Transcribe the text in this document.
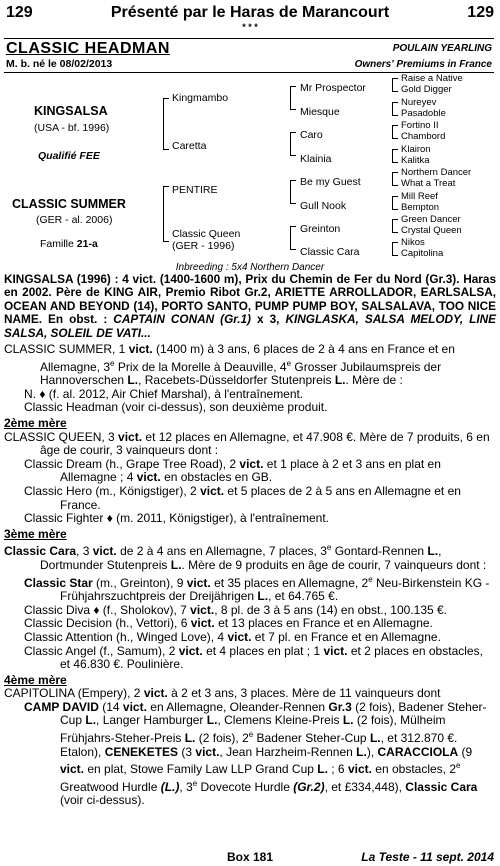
129	Présenté par le Haras de Marancourt	129
* * *
CLASSIC HEADMAN	POULAIN YEARLING
M. b. né le 08/02/2013	Owners' Premiums in France
KINGSALSA
(USA - bf. 1996)
Qualifié FEE
CLASSIC SUMMER
(GER - al. 2006)
Famille 21-a
Kingmambo
Caretta
PENTIRE
Classic Queen
(GER - 1996)
Mr Prospector
Miesque
Caro
Klainia
Be my Guest
Gull Nook
Greinton
Classic Cara
Raise a Native
Gold Digger
Nureyev
Pasadoble
Fortino II
Chambord
Klairon
Kalitka
Northern Dancer
What a Treat
Mill Reef
Bempton
Green Dancer
Crystal Queen
Nikos
Capitolina
Inbreeding : 5x4 Northern Dancer

KINGSALSA (1996) : 4 vict. (1400-1600 m), Prix du Chemin de Fer du Nord (Gr.3). Haras en 2002. Père de KING AIR, Premio Ribot Gr.2, ARIETTE ARROLLADOR, EARLSALSA, OCEAN AND BEYOND (14), PORTO SANTO, PUMP PUMP BOY, SALSALAVA, TOO NICE NAME. En obst. : CAPTAIN CONAN (Gr.1) x 3, KINGLASKA, SALSA MELODY, LINE SALSA, SOLEIL DE VATI...

CLASSIC SUMMER, 1 vict. (1400 m) à 3 ans, 6 places de 2 à 4 ans en France et en Allemagne, 3e Prix de la Morelle à Deauville, 4e Grosser Jubilaumspreis der Hannoverschen L., Racebets-Düsseldorfer Stutenpreis L.. Mère de :

N. ♦ (f. al. 2012, Air Chief Marshal), à l'entraînement.

Classic Headman (voir ci-dessus), son deuxième produit.

2ème mère

CLASSIC QUEEN, 3 vict. et 12 places en Allemagne, et 47.908 €. Mère de 7 produits, 6 en âge de courir, 3 vainqueurs dont :

Classic Dream (h., Grape Tree Road), 2 vict. et 1 place à 2 et 3 ans en plat en Allemagne ; 4 vict. en obstacles en GB.

Classic Hero (m., Königstiger), 2 vict. et 5 places de 2 à 5 ans en Allemagne et en France.

Classic Fighter ♦ (m. 2011, Königstiger), à l'entraînement.

3ème mère

Classic Cara, 3 vict. de 2 à 4 ans en Allemagne, 7 places, 3e Gontard-Rennen L., Dortmunder Stutenpreis L.. Mère de 9 produits en âge de courir, 7 vainqueurs dont :

Classic Star (m., Greinton), 9 vict. et 35 places en Allemagne, 2e Neu-Birkenstein KG - Frühjahrszuchtpreis der Dreijährigen L., et 64.765 €.

Classic Diva ♦ (f., Sholokov), 7 vict., 8 pl. de 3 à 5 ans (14) en obst., 100.135 €.

Classic Decision (h., Vettori), 6 vict. et 13 places en France et en Allemagne.

Classic Attention (h., Winged Love), 4 vict. et 7 pl. en France et en Allemagne.

Classic Angel (f., Samum), 2 vict. et 4 places en plat ; 1 vict. et 2 places en obstacles, et 46.830 €. Poulinière.

4ème mère

CAPITOLINA (Empery), 2 vict. à 2 et 3 ans, 3 places. Mère de 11 vainqueurs dont

CAMP DAVID (14 vict. en Allemagne, Oleander-Rennen Gr.3 (2 fois), Badener Steher-Cup L., Langer Hamburger L., Clemens Kleine-Preis L. (2 fois), Mülheim Frühjahrs-Steher-Preis L. (2 fois), 2e Badener Steher-Cup L., et 312.870 €. Etalon), CENEKETES (3 vict., Jean Harzheim-Rennen L.), CARACCIOLA (9 vict. en plat, Stowe Family Law LLP Grand Cup L. ; 6 vict. en obstacles, 2e Greatwood Hurdle (L.), 3e Dovecote Hurdle (Gr.2), et £334,448), Classic Cara (voir ci-dessus).

Box 181	La Teste - 11 sept. 2014
